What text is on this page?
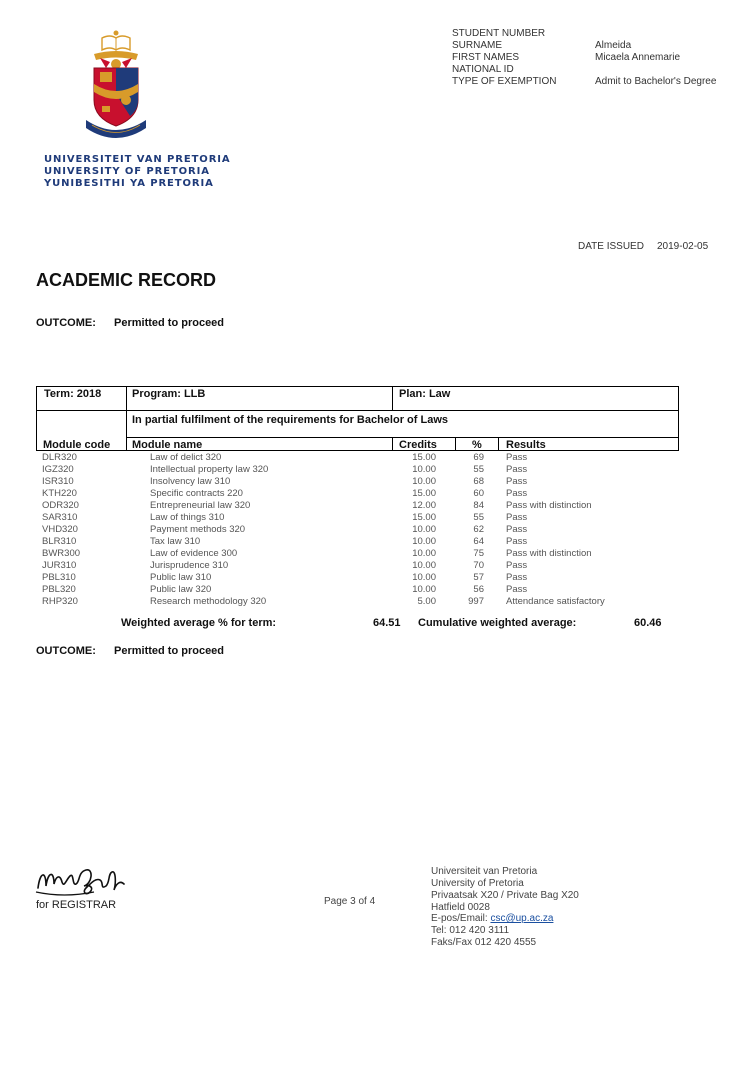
UNIVERSITEIT VAN PRETORIA
UNIVERSITY OF PRETORIA
YUNIBESITHI YA PRETORIA
STUDENT NUMBER
SURNAME	Almeida
FIRST NAMES	Micaela Annemarie
NATIONAL ID
TYPE OF EXEMPTION	Admit to Bachelor's Degree
DATE ISSUED 2019-02-05
ACADEMIC RECORD
OUTCOME: Permitted to proceed
Term: 2018	Program: LLB	Plan: Law
In partial fulfilment of the requirements for Bachelor of Laws
Module code Module name	Credits	% Results
DLR320	Law of delict 320	15.00	69 Pass
IGZ320	Intellectual property law 320	10.00	55 Pass
ISR310	Insolvency law 310	10.00	68 Pass
KTH220	Specific contracts 220	15.00	60 Pass
ODR320	Entrepreneurial law 320	12.00	84 Pass with distinction
SAR310	Law of things 310	15.00	55 Pass
VHD320	Payment methods 320	10.00	62 Pass
BLR310	Tax law 310	10.00	64 Pass
BWR300	Law of evidence 300	10.00	75 Pass with distinction
JUR310	Jurisprudence 310	10.00	70 Pass
PBL310	Public law 310	10.00	57 Pass
PBL320	Public law 320	10.00	56 Pass
RHP320	Research methodology 320	5.00	997 Attendance satisfactory
Weighted average % for term:	64.51 Cumulative weighted average:	60.46
OUTCOME: Permitted to proceed
for REGISTRAR	Page 3 of 4
Universiteit van Pretoria
University of Pretoria
Privaatsak X20 / Private Bag X20
Hatfield 0028
E-pos/Email: csc@up.ac.za
Tel: 012 420 3111
Faks/Fax 012 420 4555
